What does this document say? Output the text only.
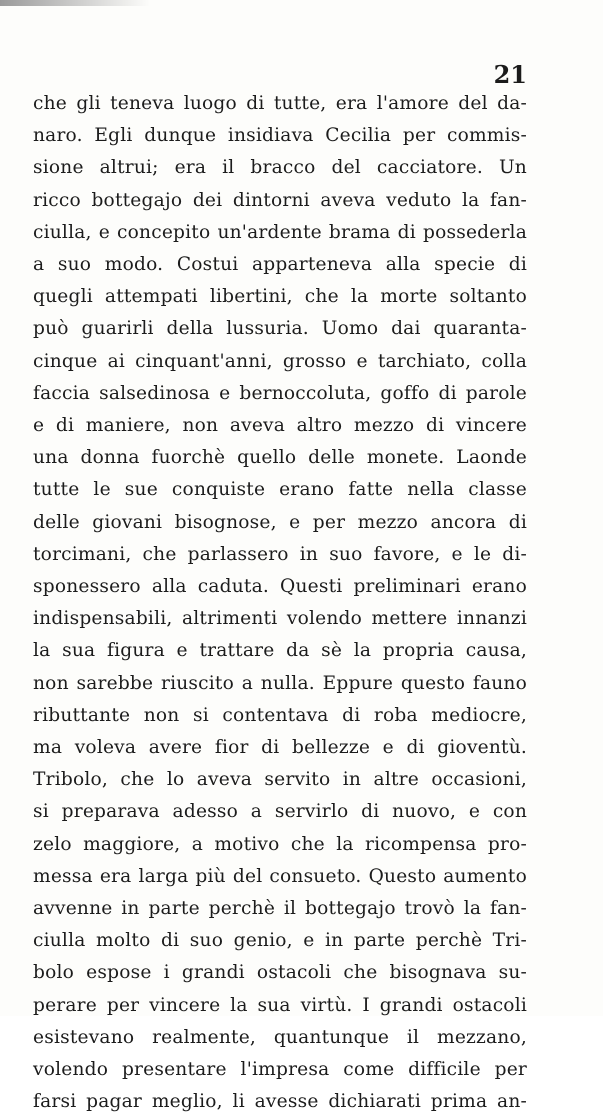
21
che gli teneva luogo di tutte, era l'amore del da-
naro. Egli dunque insidiava Cecilia per commis-
sione altrui; era il bracco del cacciatore. Un
ricco bottegajo dei dintorni aveva veduto la fan-
ciulla, e concepito un'ardente brama di possederla
a suo modo. Costui apparteneva alla specie di
quegli attempati libertini, che la morte soltanto
può guarirli della lussuria. Uomo dai quaranta-
cinque ai cinquant'anni, grosso e tarchiato, colla
faccia salsedinosa e bernoccoluta, goffo di parole
e di maniere, non aveva altro mezzo di vincere
una donna fuorchè quello delle monete. Laonde
tutte le sue conquiste erano fatte nella classe
delle giovani bisognose, e per mezzo ancora di
torcimani, che parlassero in suo favore, e le di-
sponessero alla caduta. Questi preliminari erano
indispensabili, altrimenti volendo mettere innanzi
la sua figura e trattare da sè la propria causa,
non sarebbe riuscito a nulla. Eppure questo fauno
ributtante non si contentava di roba mediocre,
ma voleva avere fior di bellezze e di gioventù.
Tribolo, che lo aveva servito in altre occasioni,
si preparava adesso a servirlo di nuovo, e con
zelo maggiore, a motivo che la ricompensa pro-
messa era larga più del consueto. Questo aumento
avvenne in parte perchè il bottegajo trovò la fan-
ciulla molto di suo genio, e in parte perchè Tri-
bolo espose i grandi ostacoli che bisognava su-
perare per vincere la sua virtù. I grandi ostacoli
esistevano realmente, quantunque il mezzano,
volendo presentare l'impresa come difficile per
farsi pagar meglio, li avesse dichiarati prima an-
